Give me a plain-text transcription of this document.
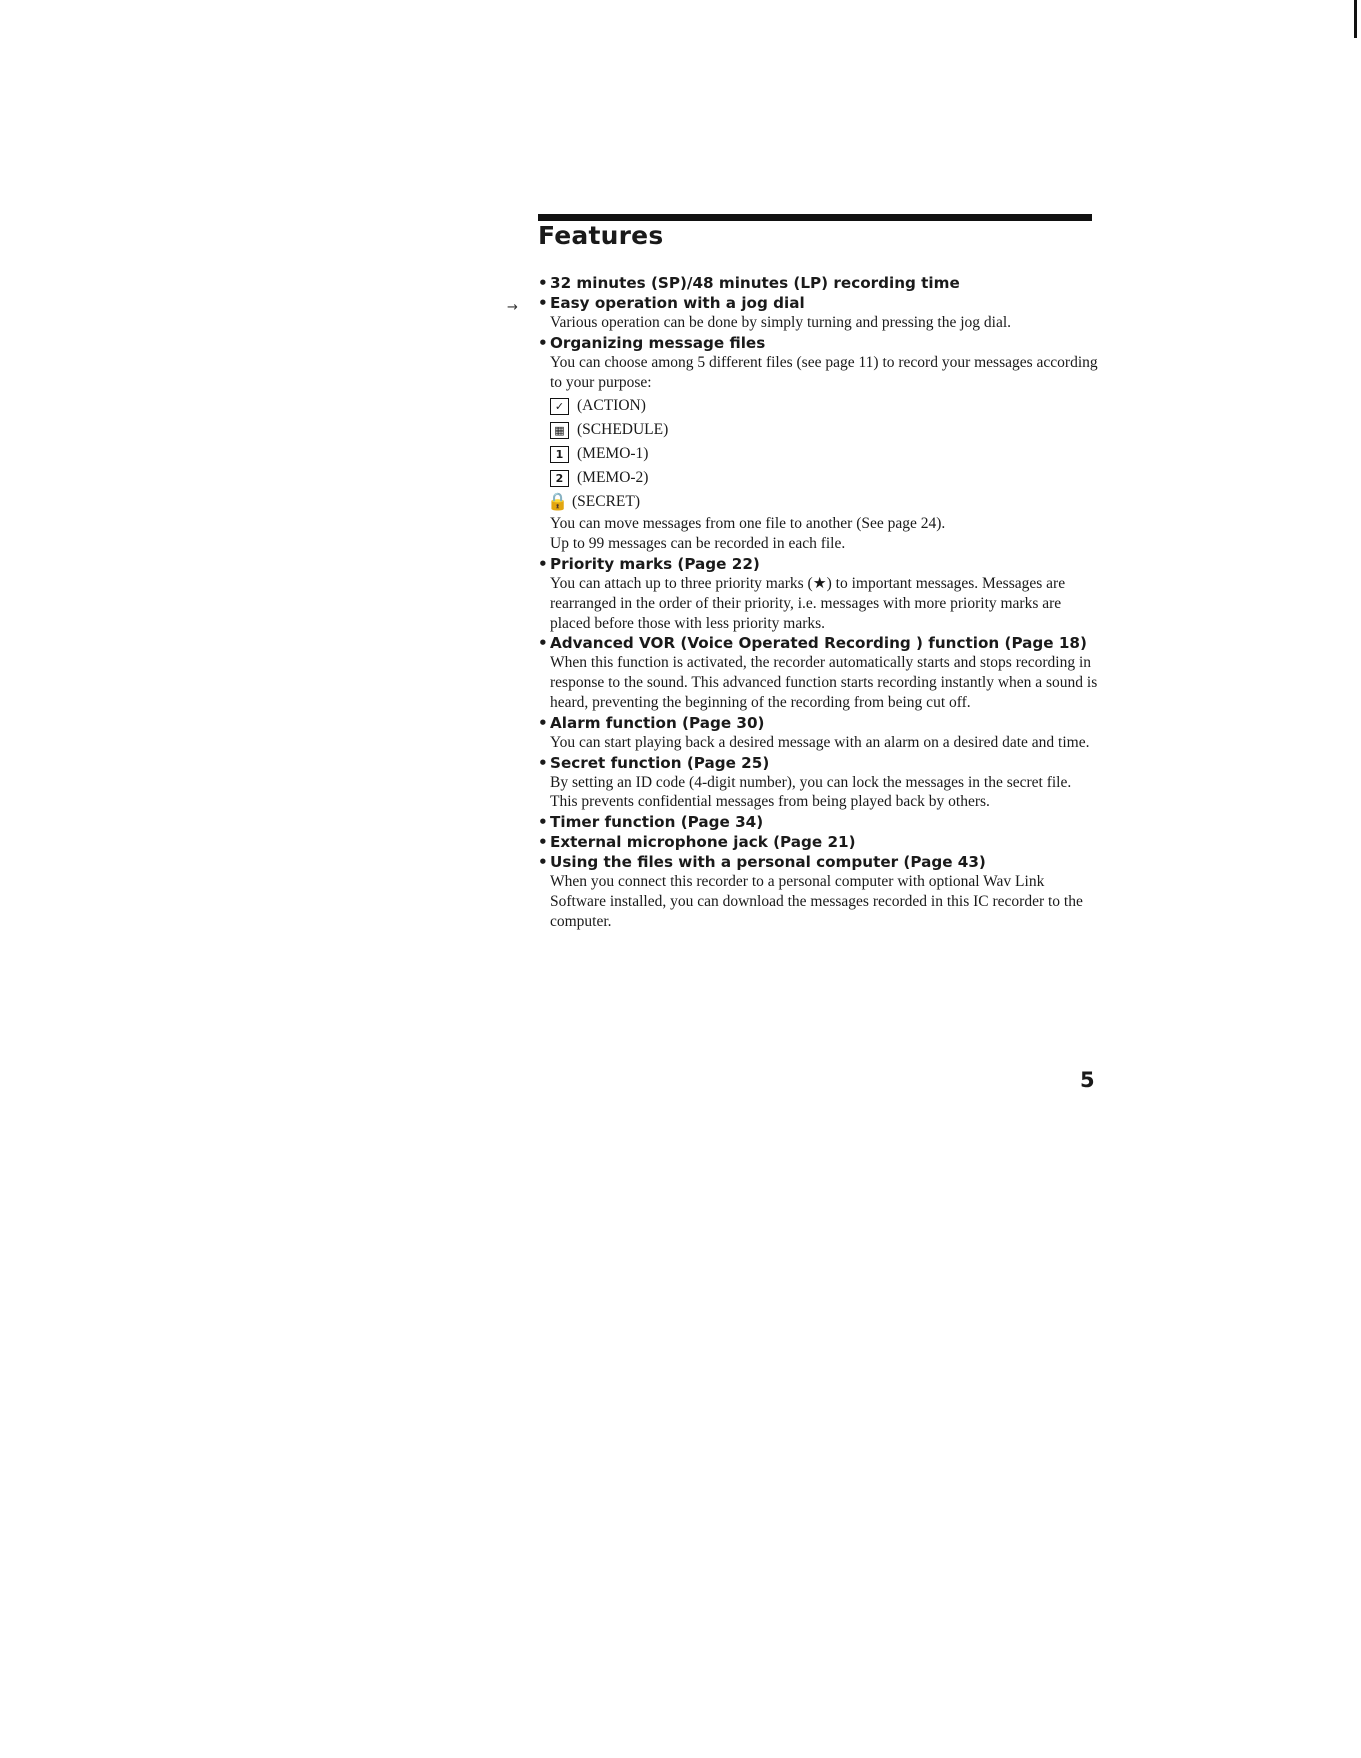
Features
→
• 32 minutes (SP)/48 minutes (LP) recording time
• Easy operation with a jog dial

Various operation can be done by simply turning and pressing the jog dial.

• Organizing message files

You can choose among 5 different files (see page 11) to record your messages according to your purpose:

✓ (ACTION)
▦ (SCHEDULE)
1 (MEMO-1)
2 (MEMO-2)
🔒 (SECRET)

You can move messages from one file to another (See page 24).

Up to 99 messages can be recorded in each file.

• Priority marks (Page 22)

You can attach up to three priority marks (★) to important messages. Messages are rearranged in the order of their priority, i.e. messages with more priority marks are placed before those with less priority marks.

• Advanced VOR (Voice Operated Recording ) function (Page 18)

When this function is activated, the recorder automatically starts and stops recording in response to the sound. This advanced function starts recording instantly when a sound is heard, preventing the beginning of the recording from being cut off.

• Alarm function (Page 30)

You can start playing back a desired message with an alarm on a desired date and time.

• Secret function (Page 25)

By setting an ID code (4-digit number), you can lock the messages in the secret file. This prevents confidential messages from being played back by others.

• Timer function (Page 34)
• External microphone jack (Page 21)
• Using the files with a personal computer (Page 43)

When you connect this recorder to a personal computer with optional Wav Link Software installed, you can download the messages recorded in this IC recorder to the computer.

5
